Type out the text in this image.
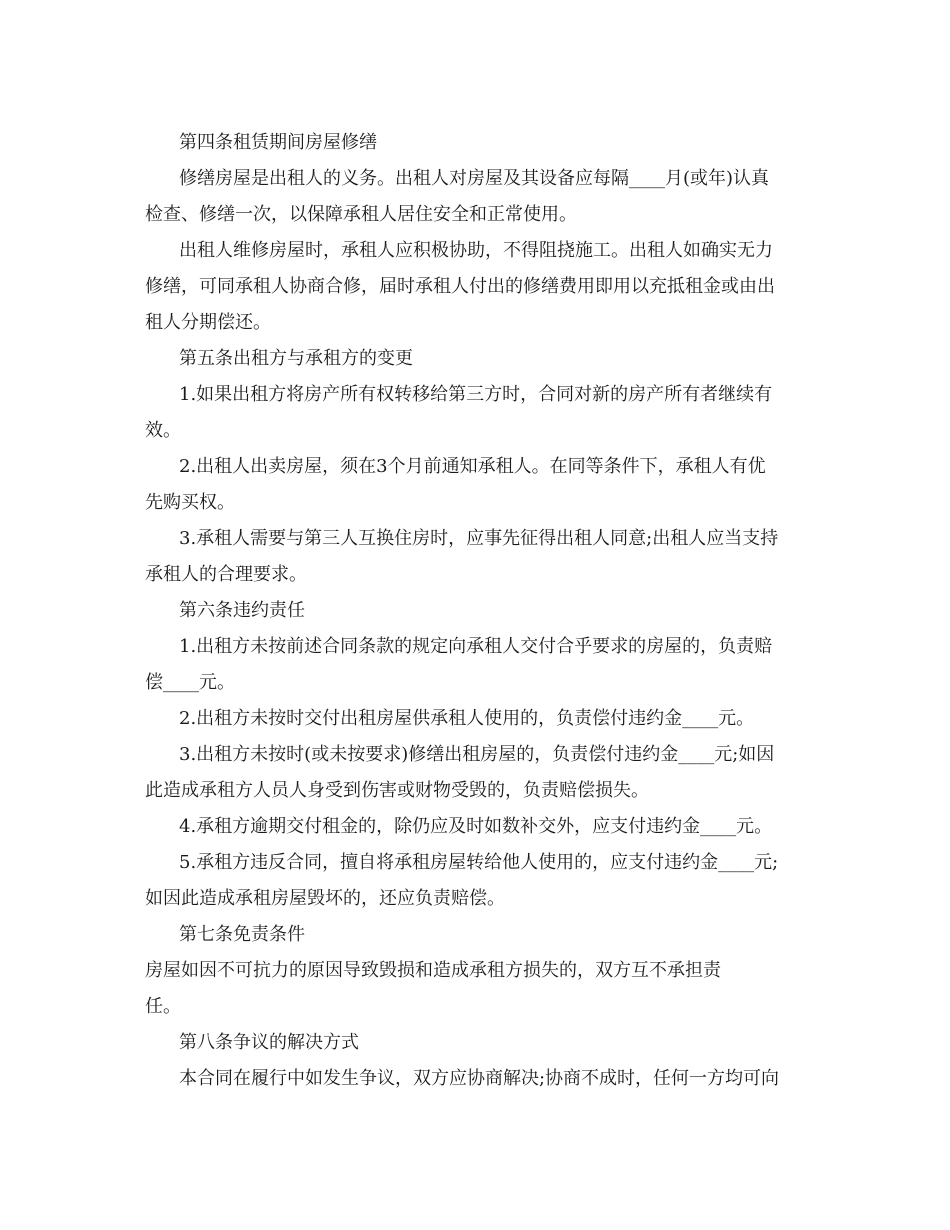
第四条租赁期间房屋修缮

修缮房屋是出租人的义务。出租人对房屋及其设备应每隔____月(或年)认真

检查、修缮一次，以保障承租人居住安全和正常使用。

出租人维修房屋时，承租人应积极协助，不得阻挠施工。出租人如确实无力

修缮，可同承租人协商合修，届时承租人付出的修缮费用即用以充抵租金或由出

租人分期偿还。

第五条出租方与承租方的变更

1.如果出租方将房产所有权转移给第三方时，合同对新的房产所有者继续有

效。

2.出租人出卖房屋，须在3个月前通知承租人。在同等条件下，承租人有优

先购买权。

3.承租人需要与第三人互换住房时，应事先征得出租人同意;出租人应当支持

承租人的合理要求。

第六条违约责任

1.出租方未按前述合同条款的规定向承租人交付合乎要求的房屋的，负责赔

偿____元。

2.出租方未按时交付出租房屋供承租人使用的，负责偿付违约金____元。

3.出租方未按时(或未按要求)修缮出租房屋的，负责偿付违约金____元;如因

此造成承租方人员人身受到伤害或财物受毁的，负责赔偿损失。

4.承租方逾期交付租金的，除仍应及时如数补交外，应支付违约金____元。

5.承租方违反合同，擅自将承租房屋转给他人使用的，应支付违约金____元;

如因此造成承租房屋毁坏的，还应负责赔偿。

第七条免责条件

房屋如因不可抗力的原因导致毁损和造成承租方损失的，双方互不承担责

任。

第八条争议的解决方式

本合同在履行中如发生争议，双方应协商解决;协商不成时，任何一方均可向
